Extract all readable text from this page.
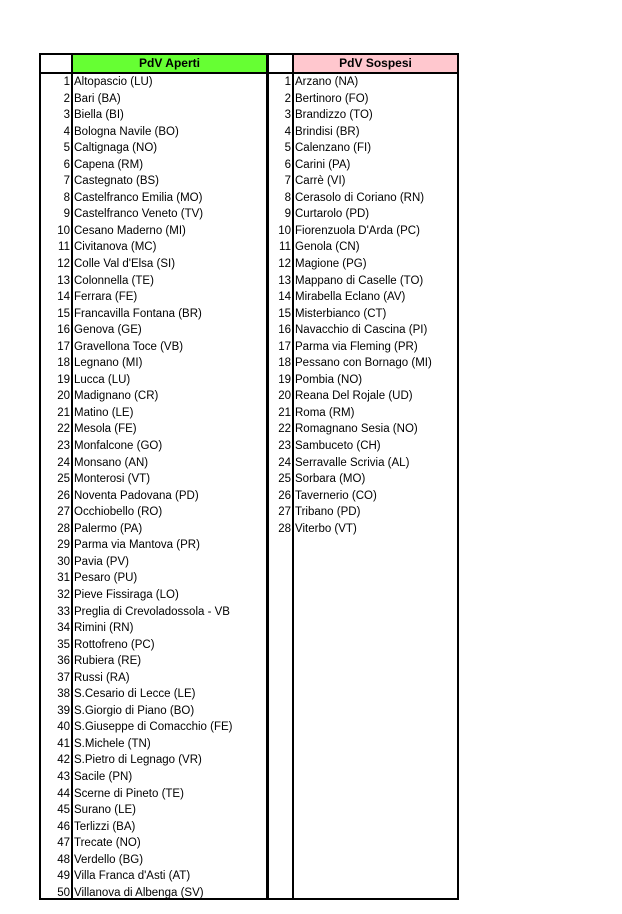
PdV Aperti
1 Altopascio (LU)
2 Bari (BA)
3 Biella (BI)
4 Bologna Navile (BO)
5 Caltignaga (NO)
6 Capena (RM)
7 Castegnato (BS)
8 Castelfranco Emilia (MO)
9 Castelfranco Veneto (TV)
10 Cesano Maderno (MI)
11 Civitanova (MC)
12 Colle Val d'Elsa (SI)
13 Colonnella (TE)
14 Ferrara (FE)
15 Francavilla Fontana (BR)
16 Genova (GE)
17 Gravellona Toce (VB)
18 Legnano (MI)
19 Lucca (LU)
20 Madignano (CR)
21 Matino (LE)
22 Mesola (FE)
23 Monfalcone (GO)
24 Monsano (AN)
25 Monterosi (VT)
26 Noventa Padovana (PD)
27 Occhiobello (RO)
28 Palermo (PA)
29 Parma via Mantova (PR)
30 Pavia (PV)
31 Pesaro (PU)
32 Pieve Fissiraga (LO)
33 Preglia di Crevoladossola - VB
34 Rimini (RN)
35 Rottofreno (PC)
36 Rubiera (RE)
37 Russi (RA)
38 S.Cesario di Lecce (LE)
39 S.Giorgio di Piano (BO)
40 S.Giuseppe di Comacchio (FE)
41 S.Michele (TN)
42 S.Pietro di Legnago (VR)
43 Sacile (PN)
44 Scerne di Pineto (TE)
45 Surano (LE)
46 Terlizzi (BA)
47 Trecate (NO)
48 Verdello (BG)
49 Villa Franca d'Asti (AT)
50 Villanova di Albenga (SV)
PdV Sospesi
1 Arzano (NA)
2 Bertinoro (FO)
3 Brandizzo (TO)
4 Brindisi (BR)
5 Calenzano (FI)
6 Carini (PA)
7 Carrè (VI)
8 Cerasolo di Coriano (RN)
9 Curtarolo (PD)
10 Fiorenzuola D'Arda (PC)
11 Genola (CN)
12 Magione (PG)
13 Mappano di Caselle (TO)
14 Mirabella Eclano (AV)
15 Misterbianco (CT)
16 Navacchio di Cascina (PI)
17 Parma via Fleming (PR)
18 Pessano con Bornago (MI)
19 Pombia (NO)
20 Reana Del Rojale (UD)
21 Roma (RM)
22 Romagnano Sesia (NO)
23 Sambuceto (CH)
24 Serravalle Scrivia (AL)
25 Sorbara (MO)
26 Tavernerio (CO)
27 Tribano (PD)
28 Viterbo (VT)
